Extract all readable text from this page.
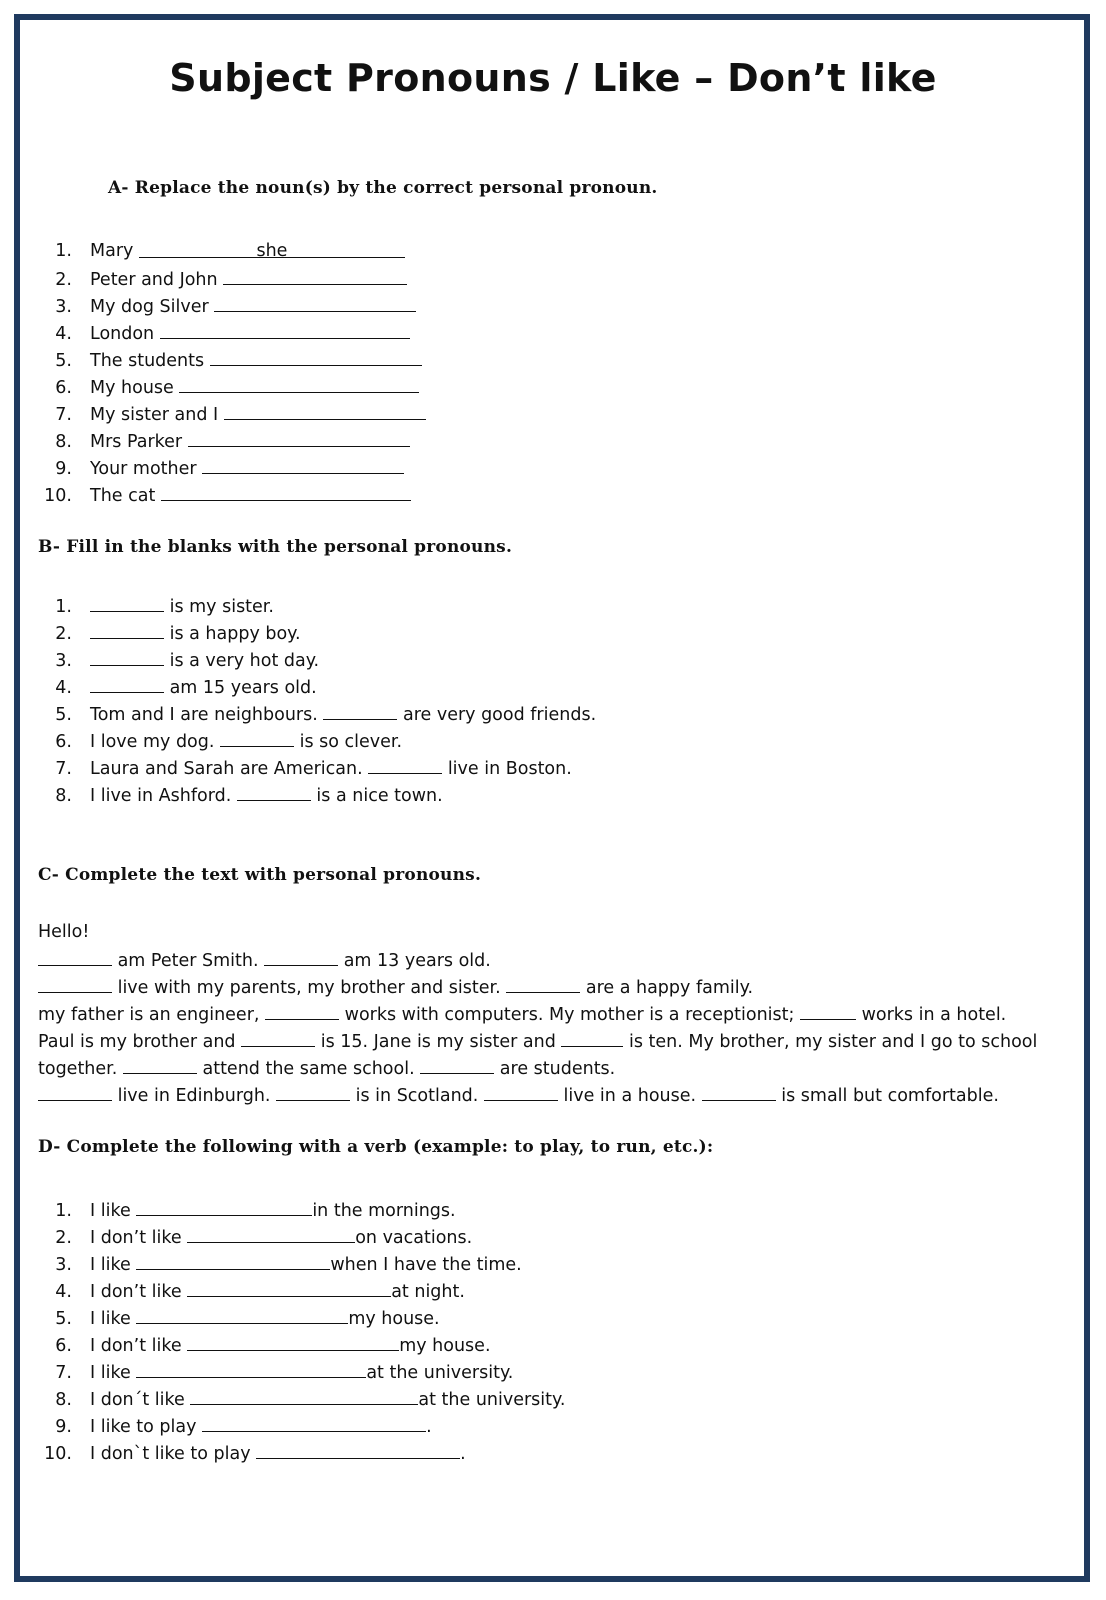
Subject Pronouns / Like – Don’t like
A- Replace the noun(s) by the correct personal pronoun.
1. Mary	she
2. Peter and John
3. My dog Silver
4. London
5. The students
6. My house
7. My sister and I
8. Mrs Parker
9. Your mother
10. The cat
B- Fill in the blanks with the personal pronouns.
1.	is my sister.
2.	is a happy boy.
3.	is a very hot day.
4.	am 15 years old.
5. Tom and I are neighbours.	are very good friends.
6. I love my dog.	is so clever.
7. Laura and Sarah are American.	live in Boston.
8. I live in Ashford.	is a nice town.
C- Complete the text with personal pronouns.
Hello!
am Peter Smith.	am 13 years old.
live with my parents, my brother and sister.	are a happy family.
my father is an engineer,	works with computers. My mother is a receptionist;	works in a hotel.
Paul is my brother and	is 15. Jane is my sister and	is ten. My brother, my sister and I go to school
together.	attend the same school.	are students.
live in Edinburgh.	is in Scotland.	live in a house.	is small but comfortable.
D- Complete the following with a verb (example: to play, to run, etc.):
1. I like	in the mornings.
2. I don’t like	on vacations.
3. I like	when I have the time.
4. I don’t like	at night.
5. I like	my house.
6. I don’t like	my house.
7. I like	at the university.
8. I don´t like	at the university.
9. I like to play	.
10. I don`t like to play	.
